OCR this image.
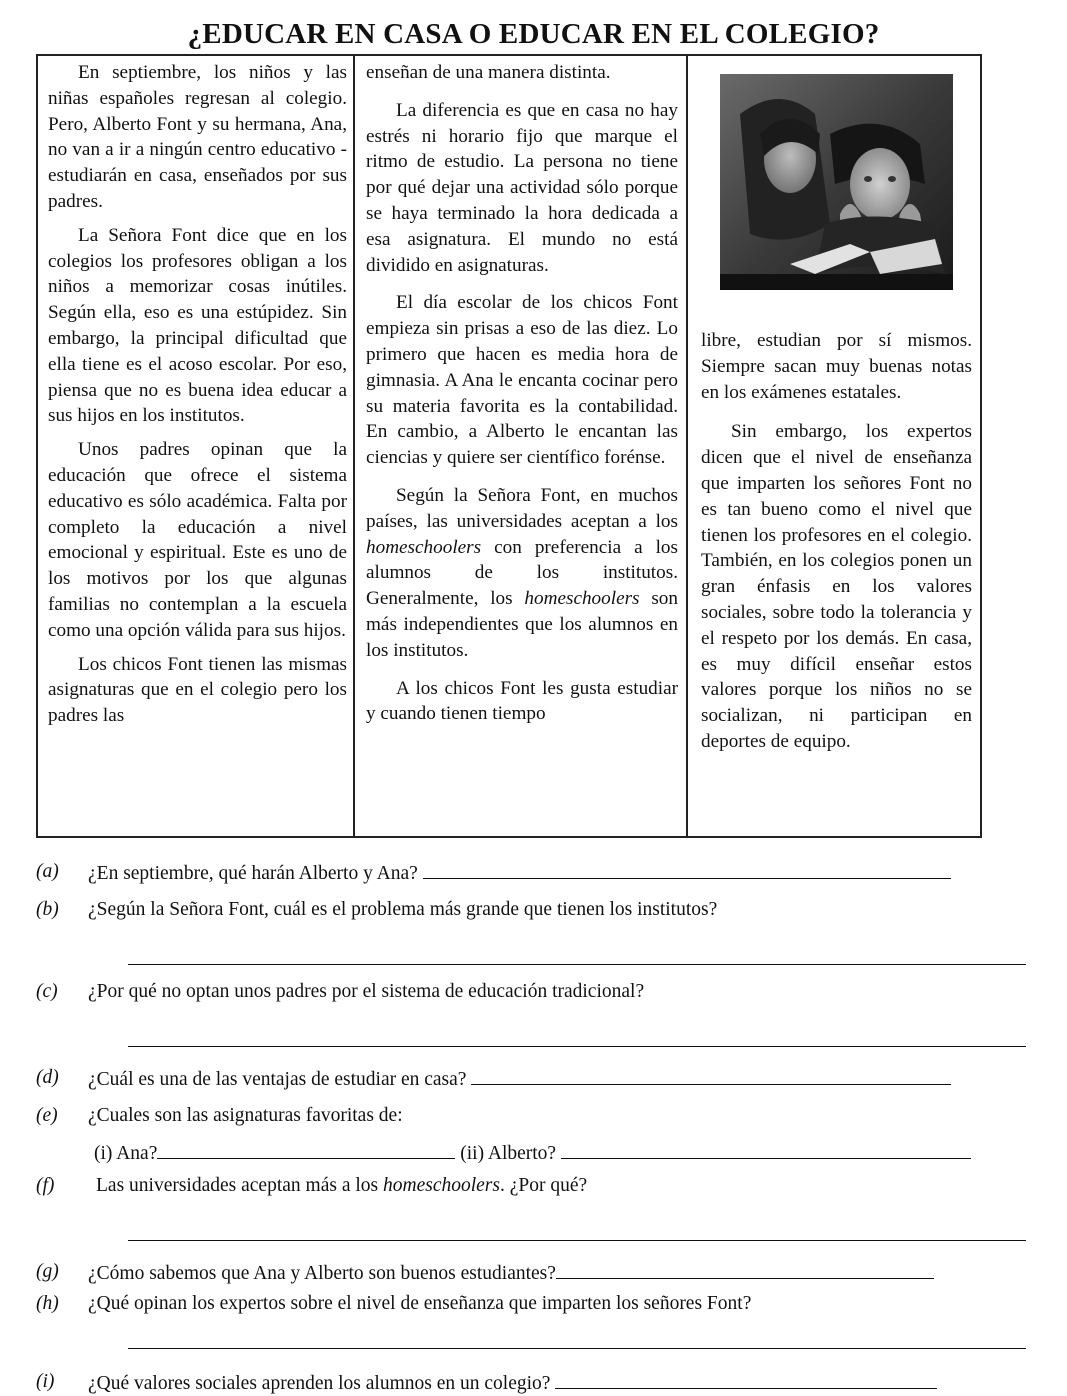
¿EDUCAR EN CASA O EDUCAR EN EL COLEGIO?

En septiembre, los niños y las niñas españoles regresan al colegio. Pero, Alberto Font y su hermana, Ana, no van a ir a ningún centro educativo - estudiarán en casa, enseñados por sus padres.

La Señora Font dice que en los colegios los profesores obligan a los niños a memorizar cosas inútiles. Según ella, eso es una estúpidez. Sin embargo, la principal dificultad que ella tiene es el acoso escolar. Por eso, piensa que no es buena idea educar a sus hijos en los institutos.

Unos padres opinan que la educación que ofrece el sistema educativo es sólo académica. Falta por completo la educación a nivel emocional y espiritual. Este es uno de los motivos por los que algunas familias no contemplan a la escuela como una opción válida para sus hijos.

Los chicos Font tienen las mismas asignaturas que en el colegio pero los padres las

enseñan de una manera distinta.

La diferencia es que en casa no hay estrés ni horario fijo que marque el ritmo de estudio. La persona no tiene por qué dejar una actividad sólo porque se haya terminado la hora dedicada a esa asignatura. El mundo no está dividido en asignaturas.

El día escolar de los chicos Font empieza sin prisas a eso de las diez. Lo primero que hacen es media hora de gimnasia. A Ana le encanta cocinar pero su materia favorita es la contabilidad. En cambio, a Alberto le encantan las ciencias y quiere ser científico forénse.

Según la Señora Font, en muchos países, las universidades aceptan a los homeschoolers con preferencia a los alumnos de los institutos. Generalmente, los homeschoolers son más independientes que los alumnos en los institutos.

A los chicos Font les gusta estudiar y cuando tienen tiempo

libre, estudian por sí mismos. Siempre sacan muy buenas notas en los exámenes estatales.

Sin embargo, los expertos dicen que el nivel de enseñanza que imparten los señores Font no es tan bueno como el nivel que tienen los profesores en el colegio. También, en los colegios ponen un gran énfasis en los valores sociales, sobre todo la tolerancia y el respeto por los demás. En casa, es muy difícil enseñar estos valores porque los niños no se socializan, ni participan en deportes de equipo.

(a) ¿En septiembre, qué harán Alberto y Ana?
(b) ¿Según la Señora Font, cuál es el problema más grande que tienen los institutos?
(c) ¿Por qué no optan unos padres por el sistema de educación tradicional?
(d) ¿Cuál es una de las ventajas de estudiar en casa?
(e) ¿Cuales son las asignaturas favoritas de:
(i) Ana?	(ii) Alberto?
(f) Las universidades aceptan más a los homeschoolers. ¿Por qué?
(g) ¿Cómo sabemos que Ana y Alberto son buenos estudiantes?
(h) ¿Qué opinan los expertos sobre el nivel de enseñanza que imparten los señores Font?
(i) ¿Qué valores sociales aprenden los alumnos en un colegio?
